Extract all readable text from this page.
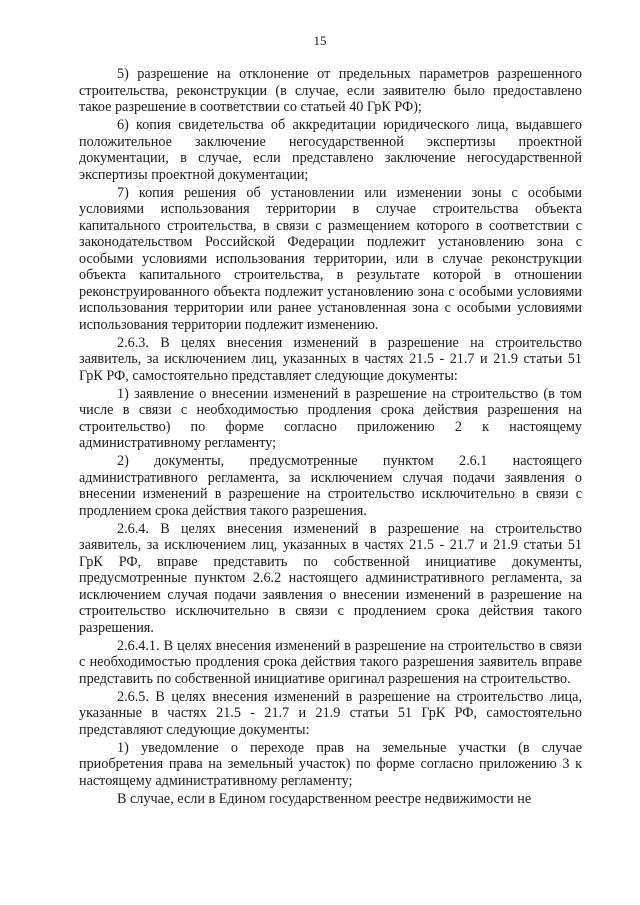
15

5) разрешение на отклонение от предельных параметров разрешенного строительства, реконструкции (в случае, если заявителю было предоставлено такое разрешение в соответствии со статьей 40 ГрК РФ);

6) копия свидетельства об аккредитации юридического лица, выдавшего положительное заключение негосударственной экспертизы проектной документации, в случае, если представлено заключение негосударственной экспертизы проектной документации;

7) копия решения об установлении или изменении зоны с особыми условиями использования территории в случае строительства объекта капитального строительства, в связи с размещением которого в соответствии с законодательством Российской Федерации подлежит установлению зона с особыми условиями использования территории, или в случае реконструкции объекта капитального строительства, в результате которой в отношении реконструированного объекта подлежит установлению зона с особыми условиями использования территории или ранее установленная зона с особыми условиями использования территории подлежит изменению.

2.6.3. В целях внесения изменений в разрешение на строительство заявитель, за исключением лиц, указанных в частях 21.5 - 21.7 и 21.9 статьи 51 ГрК РФ, самостоятельно представляет следующие документы:

1) заявление о внесении изменений в разрешение на строительство (в том числе в связи с необходимостью продления срока действия разрешения на строительство) по форме согласно приложению 2 к настоящему административному регламенту;

2) документы, предусмотренные пунктом 2.6.1 настоящего административного регламента, за исключением случая подачи заявления о внесении изменений в разрешение на строительство исключительно в связи с продлением срока действия такого разрешения.

2.6.4. В целях внесения изменений в разрешение на строительство заявитель, за исключением лиц, указанных в частях 21.5 - 21.7 и 21.9 статьи 51 ГрК РФ, вправе представить по собственной инициативе документы, предусмотренные пунктом 2.6.2 настоящего административного регламента, за исключением случая подачи заявления о внесении изменений в разрешение на строительство исключительно в связи с продлением срока действия такого разрешения.

2.6.4.1. В целях внесения изменений в разрешение на строительство в связи с необходимостью продления срока действия такого разрешения заявитель вправе представить по собственной инициативе оригинал разрешения на строительство.

2.6.5. В целях внесения изменений в разрешение на строительство лица, указанные в частях 21.5 - 21.7 и 21.9 статьи 51 ГрК РФ, самостоятельно представляют следующие документы:

1) уведомление о переходе прав на земельные участки (в случае приобретения права на земельный участок) по форме согласно приложению 3 к настоящему административному регламенту;

В случае, если в Едином государственном реестре недвижимости не
